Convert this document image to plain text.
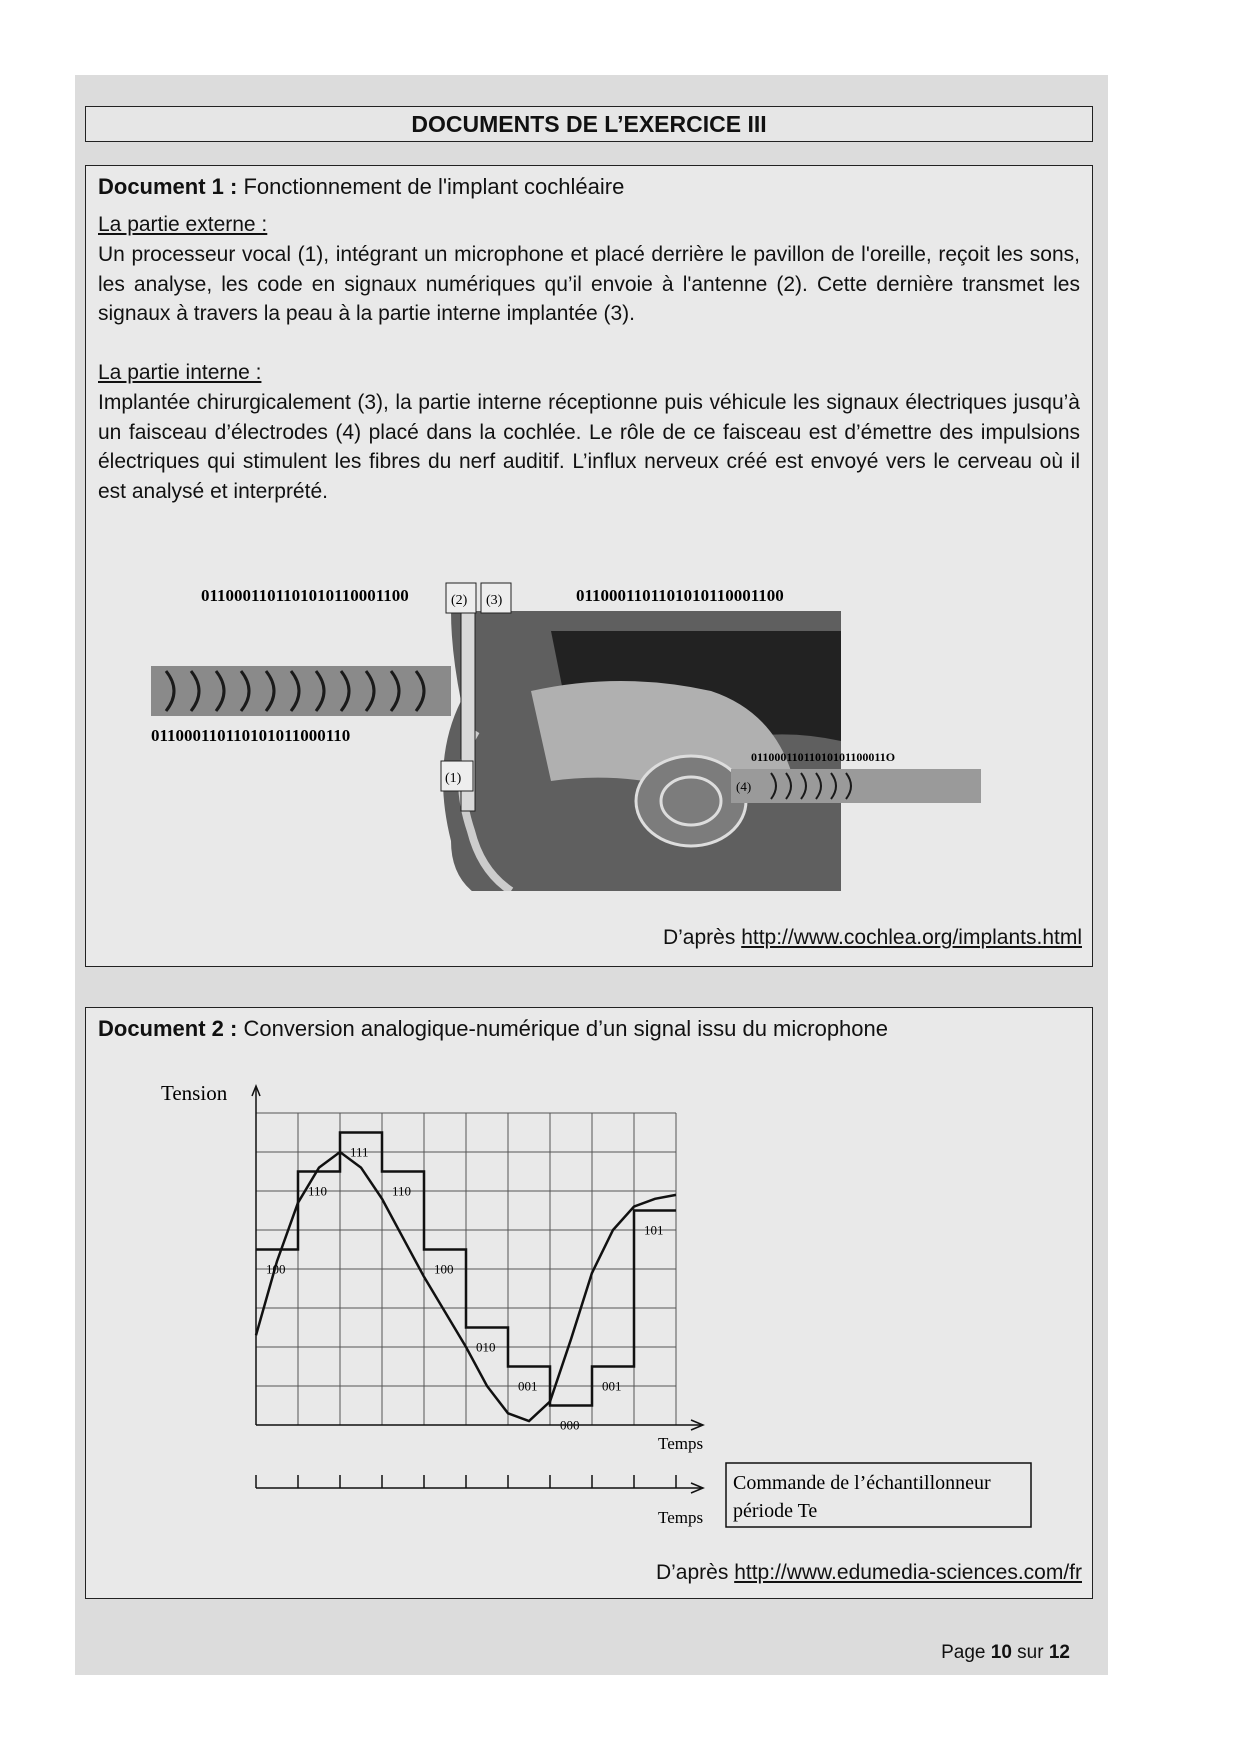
DOCUMENTS DE L’EXERCICE III
Document 1 : Fonctionnement de l'implant cochléaire
La partie externe :
Un processeur vocal (1), intégrant un microphone et placé derrière le pavillon de l'oreille, reçoit les sons, les analyse, les code en signaux numériques qu’il envoie à l'antenne (2). Cette dernière transmet les signaux à travers la peau à la partie interne implantée (3).
La partie interne :
Implantée chirurgicalement (3), la partie interne réceptionne puis véhicule les signaux électriques jusqu’à un faisceau d’électrodes (4) placé dans la cochlée. Le rôle de ce faisceau est d’émettre des impulsions électriques qui stimulent les fibres du nerf auditif. L’influx nerveux créé est envoyé vers le cerveau où il est analysé et interprété.
0110001101101010110001100	0110001101101010110001100
011000110110101011000110
(2) (3)
(1)
(4)
01100011011010101100011O
D’après http://www.cochlea.org/implants.html
Document 2 : Conversion analogique-numérique d’un signal issu du microphone
100
110
111
110
100
010
001
000
001
101
Tension
Temps
Temps
Commande de l’échantillonneur
période Te
D’après http://www.edumedia-sciences.com/fr
Page 10 sur 12
